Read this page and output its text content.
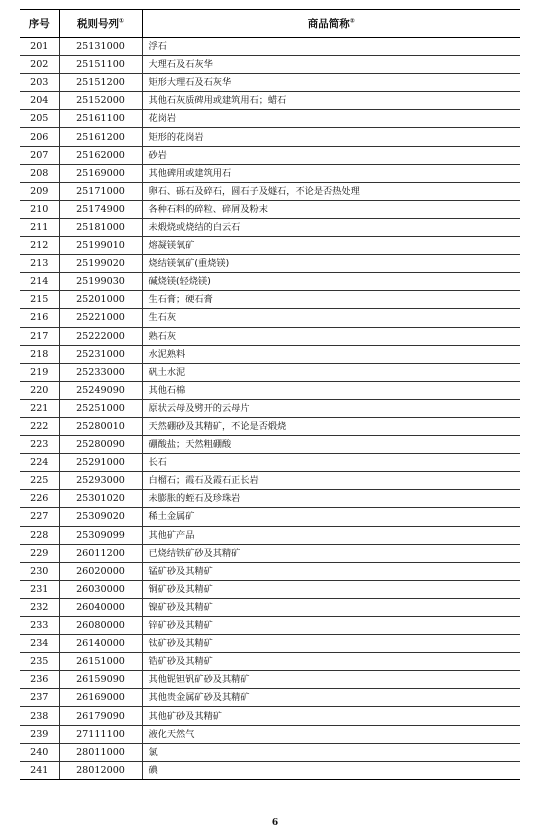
序号	税则号列①	商品简称②
201	25131000	浮石
202	25151100	大理石及石灰华
203	25151200	矩形大理石及石灰华
204	25152000	其他石灰质碑用或建筑用石；蜡石
205	25161100	花岗岩
206	25161200	矩形的花岗岩
207	25162000	砂岩
208	25169000	其他碑用或建筑用石
209	25171000	卵石、砾石及碎石，圆石子及燧石，不论是否热处理
210	25174900	各种石料的碎粒、碎屑及粉末
211	25181000	未煅烧或烧结的白云石
212	25199010	熔凝镁氧矿
213	25199020	烧结镁氧矿(重烧镁)
214	25199030	碱烧镁(轻烧镁)
215	25201000	生石膏；硬石膏
216	25221000	生石灰
217	25222000	熟石灰
218	25231000	水泥熟料
219	25233000	矾土水泥
220	25249090	其他石棉
221	25251000	原状云母及劈开的云母片
222	25280010	天然硼砂及其精矿，不论是否煅烧
223	25280090	硼酸盐；天然粗硼酸
224	25291000	长石
225	25293000	白榴石；霞石及霞石正长岩
226	25301020	未膨胀的蛭石及珍珠岩
227	25309020	稀土金属矿
228	25309099	其他矿产品
229	26011200	已烧结铁矿砂及其精矿
230	26020000	锰矿砂及其精矿
231	26030000	铜矿砂及其精矿
232	26040000	镍矿砂及其精矿
233	26080000	锌矿砂及其精矿
234	26140000	钛矿砂及其精矿
235	26151000	锆矿砂及其精矿
236	26159090	其他铌钽钒矿砂及其精矿
237	26169000	其他贵金属矿砂及其精矿
238	26179090	其他矿砂及其精矿
239	27111100	液化天然气
240	28011000	氯
241	28012000	碘
6
